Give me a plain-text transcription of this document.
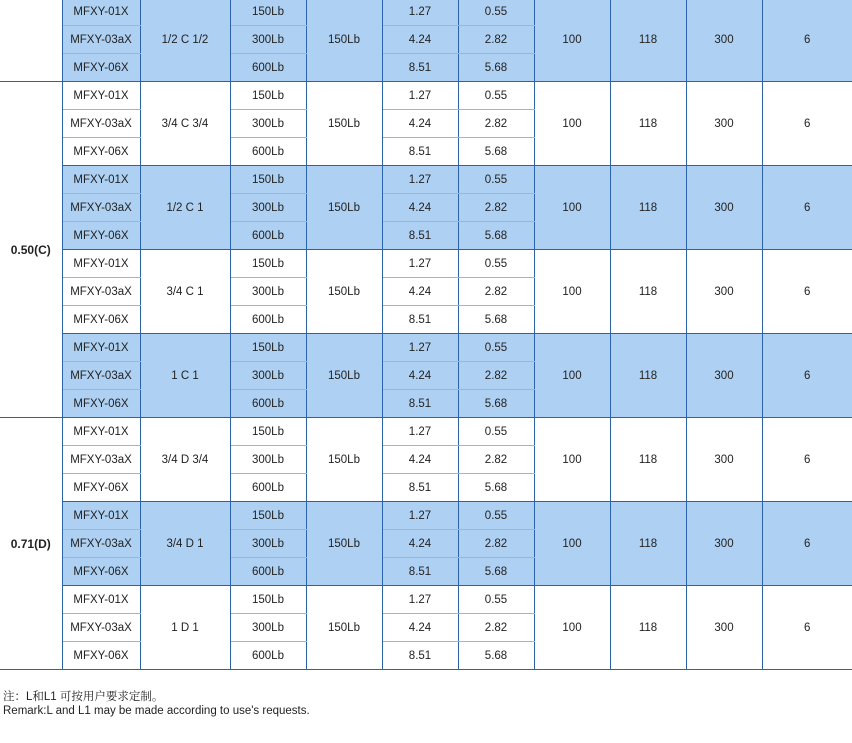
	MFXY-01X	1/2 C 1/2	150Lb	150Lb	1.27	0.55	100	118	300	6
	MFXY-03aX		300Lb		4.24	2.82				
	MFXY-06X		600Lb		8.51	5.68				
0.50(C)	MFXY-01X	3/4 C 3/4	150Lb	150Lb	1.27	0.55	100	118	300	6
	MFXY-03aX		300Lb		4.24	2.82				
	MFXY-06X		600Lb		8.51	5.68				
	MFXY-01X	1/2 C 1	150Lb	150Lb	1.27	0.55	100	118	300	6
	MFXY-03aX		300Lb		4.24	2.82				
	MFXY-06X		600Lb		8.51	5.68				
	MFXY-01X	3/4 C 1	150Lb	150Lb	1.27	0.55	100	118	300	6
	MFXY-03aX		300Lb		4.24	2.82				
	MFXY-06X		600Lb		8.51	5.68				
	MFXY-01X	1 C 1	150Lb	150Lb	1.27	0.55	100	118	300	6
	MFXY-03aX		300Lb		4.24	2.82				
	MFXY-06X		600Lb		8.51	5.68				
0.71(D)	MFXY-01X	3/4 D 3/4	150Lb	150Lb	1.27	0.55	100	118	300	6
	MFXY-03aX		300Lb		4.24	2.82				
	MFXY-06X		600Lb		8.51	5.68				
	MFXY-01X	3/4 D 1	150Lb	150Lb	1.27	0.55	100	118	300	6
	MFXY-03aX		300Lb		4.24	2.82				
	MFXY-06X		600Lb		8.51	5.68				
	MFXY-01X	1 D 1	150Lb	150Lb	1.27	0.55	100	118	300	6
	MFXY-03aX		300Lb		4.24	2.82				
	MFXY-06X		600Lb		8.51	5.68				
注：L和L1 可按用户要求定制。
Remark:L and L1 may be made according to use's requests.
